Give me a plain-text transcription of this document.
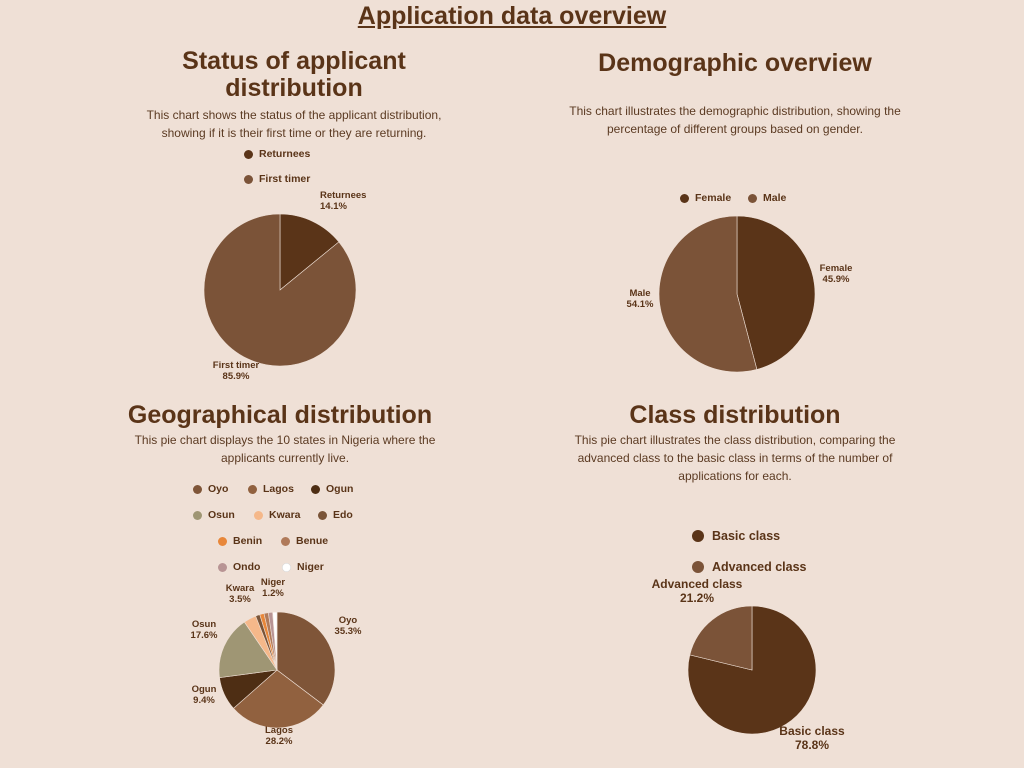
Application data overview
Status of applicant distribution
This chart shows the status of the applicant distribution, showing if it is their first time or they are returning.
Returnees
First timer
Returnees 14.1%
First timer 85.9%
Demographic overview
This chart illustrates the demographic distribution, showing the percentage of different groups based on gender.
Female	Male
Female 45.9%
Male 54.1%
Geographical distribution
This pie chart displays the 10 states in Nigeria where the applicants currently live.
Oyo	Lagos	Ogun
Osun	Kwara	Edo
Benin	Benue
Ondo	Niger
Oyo 35.3%
Lagos 28.2%
Ogun 9.4%
Osun 17.6%
Kwara 3.5%
Niger 1.2%
Class distribution
This pie chart illustrates the class distribution, comparing the advanced class to the basic class in terms of the number of applications for each.
Basic class
Advanced class
Basic class 78.8%
Advanced class 21.2%
